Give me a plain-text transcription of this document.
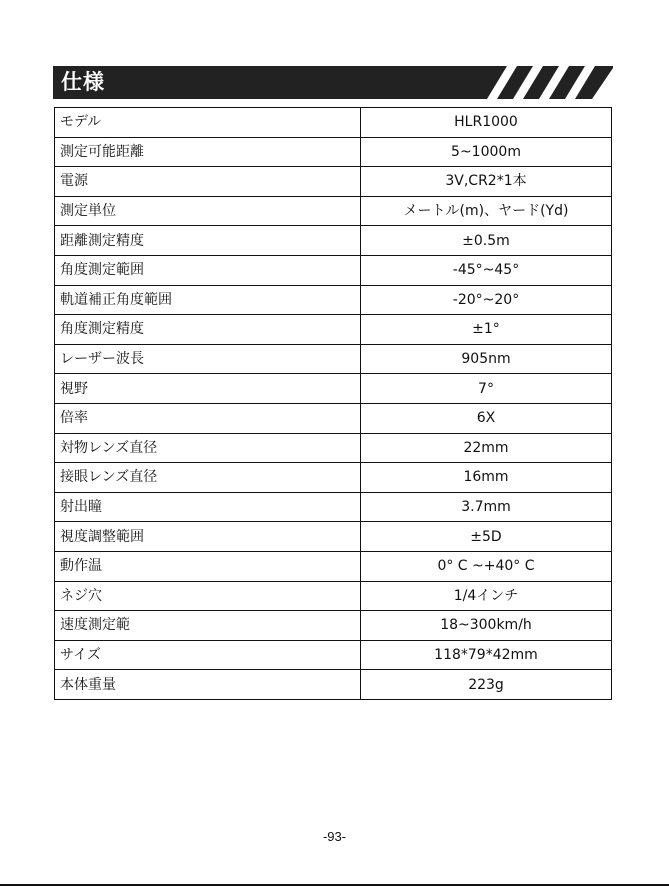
仕様
モデル	HLR1000
測定可能距離	5~1000m
電源	3V,CR2*1本
測定単位	メートル(m)、ヤード(Yd)
距離測定精度	±0.5m
角度測定範囲	-45°~45°
軌道補正角度範囲	-20°~20°
角度測定精度	±1°
レーザー波長	905nm
視野	7°
倍率	6X
対物レンズ直径	22mm
接眼レンズ直径	16mm
射出瞳	3.7mm
視度調整範囲	±5D
動作温	0° C ~+40° C
ネジ穴	1/4インチ
速度測定範	18~300km/h
サイズ	118*79*42mm
本体重量	223g
-93-
